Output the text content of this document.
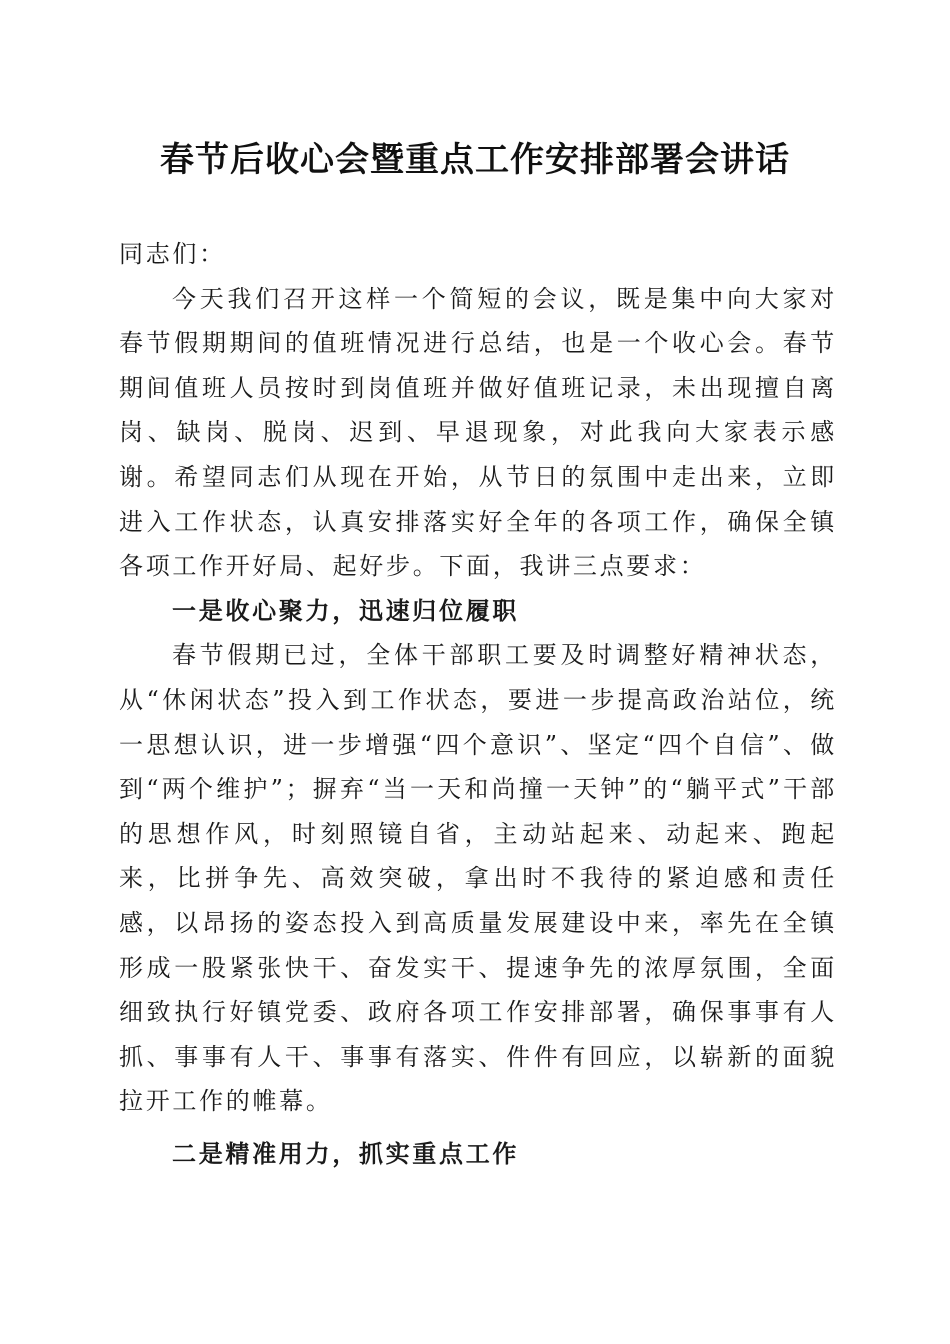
春节后收心会暨重点工作安排部署会讲话

同志们：

今天我们召开这样一个简短的会议，既是集中向大家对春节假期期间的值班情况进行总结，也是一个收心会。春节期间值班人员按时到岗值班并做好值班记录，未出现擅自离岗、缺岗、脱岗、迟到、早退现象，对此我向大家表示感谢。希望同志们从现在开始，从节日的氛围中走出来，立即进入工作状态，认真安排落实好全年的各项工作，确保全镇各项工作开好局、起好步。下面，我讲三点要求：

一是收心聚力，迅速归位履职

春节假期已过，全体干部职工要及时调整好精神状态，从“休闲状态”投入到工作状态，要进一步提高政治站位，统一思想认识，进一步增强“四个意识”、坚定“四个自信”、做到“两个维护”；摒弃“当一天和尚撞一天钟”的“躺平式”干部的思想作风，时刻照镜自省，主动站起来、动起来、跑起来，比拼争先、高效突破，拿出时不我待的紧迫感和责任感，以昂扬的姿态投入到高质量发展建设中来，率先在全镇形成一股紧张快干、奋发实干、提速争先的浓厚氛围，全面细致执行好镇党委、政府各项工作安排部署，确保事事有人抓、事事有人干、事事有落实、件件有回应，以崭新的面貌拉开工作的帷幕。

二是精准用力，抓实重点工作
